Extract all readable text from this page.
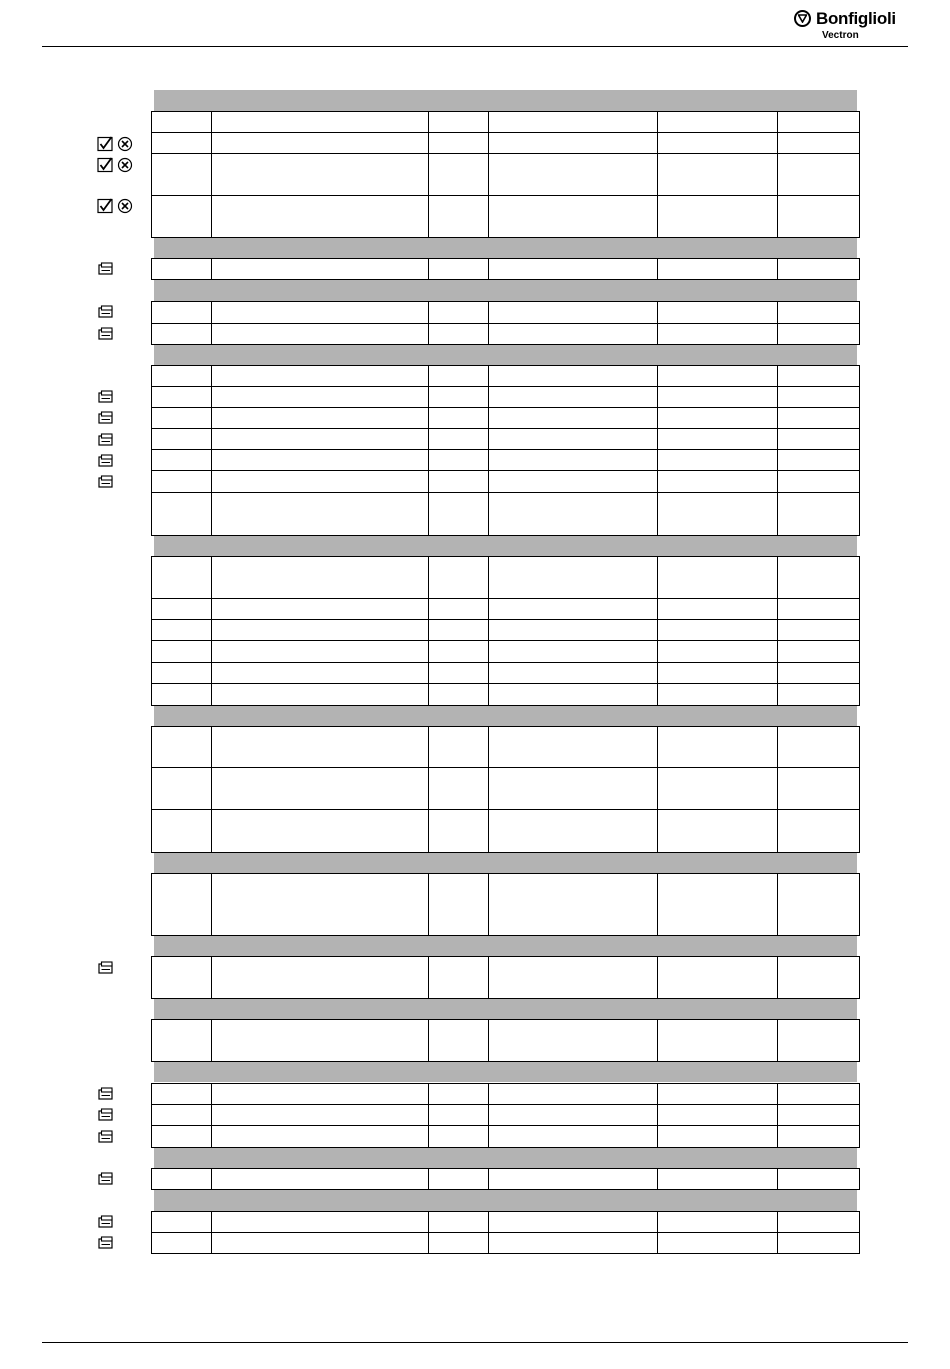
Bonfiglioli
Vectron
